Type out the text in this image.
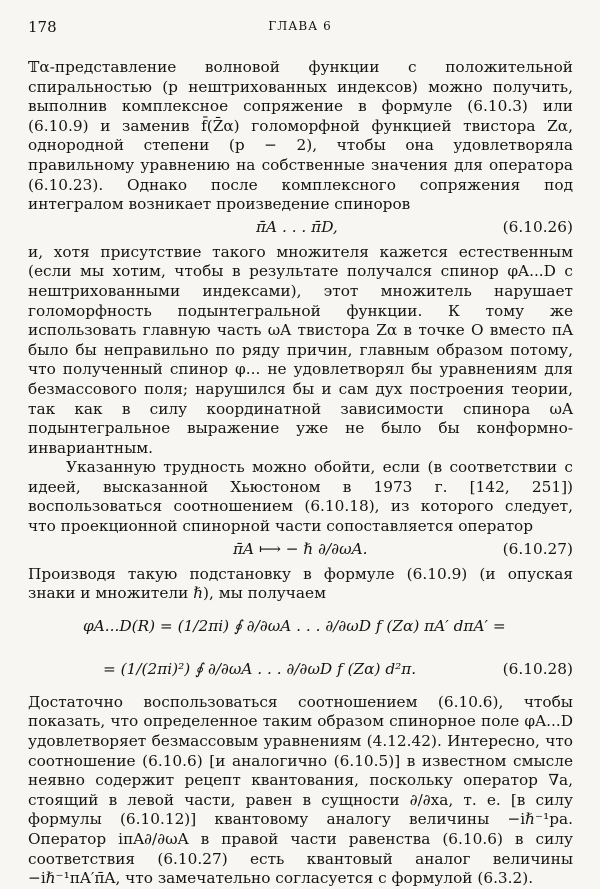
178	ГЛАВА 6

𝕋α-представление волновой функции с положительной спиральностью (p нештрихованных индексов) можно получить, выполнив комплексное сопряжение в формуле (6.10.3) или (6.10.9) и заменив f̄(Z̄α) голоморфной функцией твистора Zα, однородной степени (p − 2), чтобы она удовлетворяла правильному уравнению на собственные значения для оператора (6.10.23). Однако после комплексного сопряжения под интегралом возникает произведение спиноров

π̄A . . . π̄D,	(6.10.26)

и, хотя присутствие такого множителя кажется естественным (если мы хотим, чтобы в результате получался спинор φA...D с нештрихованными индексами), этот множитель нарушает голоморфность подынтегральной функции. К тому же использовать главную часть ωA твистора Zα в точке O вместо πA было бы неправильно по ряду причин, главным образом потому, что полученный спинор φ... не удовлетворял бы уравнениям для безмассового поля; нарушился бы и сам дух построения теории, так как в силу координатной зависимости спинора ωA подынтегральное выражение уже не было бы конформно-инвариантным.

Указанную трудность можно обойти, если (в соответствии с идеей, высказанной Хьюстоном в 1973 г. [142, 251]) воспользоваться соотношением (6.10.18), из которого следует, что проекционной спинорной части сопоставляется оператор

π̄A ⟼ − ℏ ∂/∂ωA.	(6.10.27)

Производя такую подстановку в формуле (6.10.9) (и опуская знаки и множители ℏ), мы получаем

φA...D(R) = (1/2πi) ∮ ∂/∂ωA . . . ∂/∂ωD f (Zα) πA′ dπA′ =
= (1/(2πi)²) ∮ ∂/∂ωA . . . ∂/∂ωD f (Zα) d²π.	(6.10.28)

Достаточно воспользоваться соотношением (6.10.6), чтобы показать, что определенное таким образом спинорное поле φA...D удовлетворяет безмассовым уравнениям (4.12.42). Интересно, что соотношение (6.10.6) [и аналогично (6.10.5)] в известном смысле неявно содержит рецепт квантования, поскольку оператор ∇a, стоящий в левой части, равен в сущности ∂/∂xa, т. е. [в силу формулы (6.10.12)] квантовому аналогу величины −iℏ⁻¹pa. Оператор iπA∂/∂ωA в правой части равенства (6.10.6) в силу соответствия (6.10.27) есть квантовый аналог величины −iℏ⁻¹πA′π̄A, что замечательно согласуется с формулой (6.3.2).
